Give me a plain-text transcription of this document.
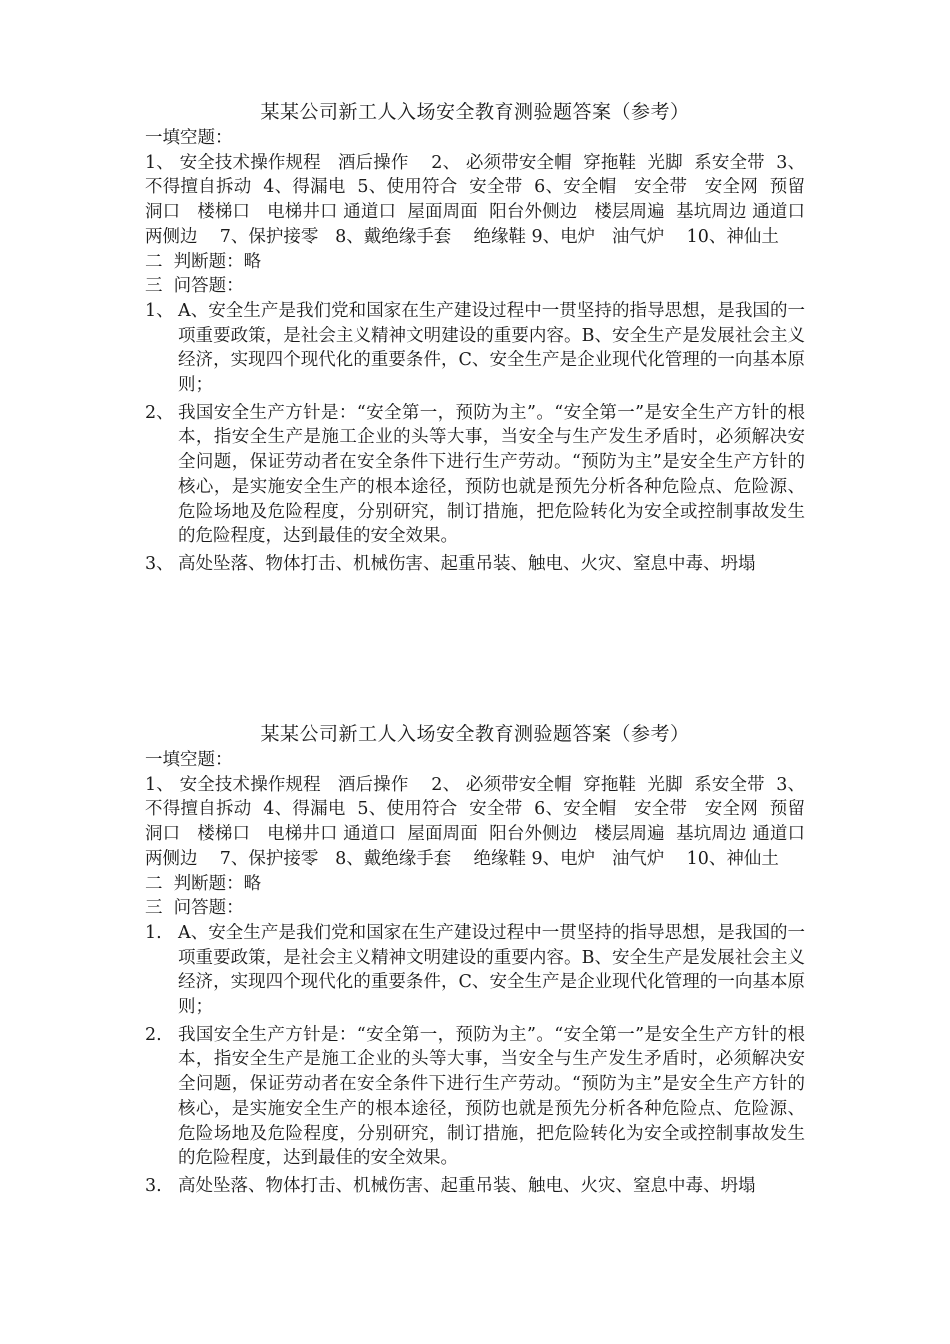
某某公司新工人入场安全教育测验题答案（参考）
一填空题：
1、 安全技术操作规程   酒后操作    2、 必须带安全帽  穿拖鞋  光脚  系安全带  3、不得擅自拆动  4、得漏电  5、使用符合  安全带  6、安全帽   安全带   安全网  预留洞口   楼梯口   电梯井口 通道口  屋面周面  阳台外侧边   楼层周遍  基坑周边 通道口两侧边    7、保护接零   8、戴绝缘手套    绝缘鞋 9、电炉   油气炉    10、神仙土
二  判断题：略
三  问答题：
1、 A、安全生产是我们党和国家在生产建设过程中一贯坚持的指导思想，是我国的一项重要政策，是社会主义精神文明建设的重要内容。B、安全生产是发展社会主义经济，实现四个现代化的重要条件，C、安全生产是企业现代化管理的一向基本原则；
2、 我国安全生产方针是：“安全第一，预防为主”。“安全第一”是安全生产方针的根本，指安全生产是施工企业的头等大事，当安全与生产发生矛盾时，必须解决安全问题，保证劳动者在安全条件下进行生产劳动。“预防为主”是安全生产方针的核心，是实施安全生产的根本途径，预防也就是预先分析各种危险点、危险源、危险场地及危险程度，分别研究，制订措施，把危险转化为安全或控制事故发生的危险程度，达到最佳的安全效果。
3、 高处坠落、物体打击、机械伤害、起重吊装、触电、火灾、窒息中毒、坍塌
某某公司新工人入场安全教育测验题答案（参考）
一填空题：
1、 安全技术操作规程   酒后操作    2、 必须带安全帽  穿拖鞋  光脚  系安全带  3、不得擅自拆动  4、得漏电  5、使用符合  安全带  6、安全帽   安全带   安全网  预留洞口   楼梯口   电梯井口 通道口  屋面周面  阳台外侧边   楼层周遍  基坑周边 通道口两侧边    7、保护接零   8、戴绝缘手套    绝缘鞋 9、电炉   油气炉    10、神仙土
二  判断题：略
三  问答题：
1. A、安全生产是我们党和国家在生产建设过程中一贯坚持的指导思想，是我国的一项重要政策，是社会主义精神文明建设的重要内容。B、安全生产是发展社会主义经济，实现四个现代化的重要条件，C、安全生产是企业现代化管理的一向基本原则；
2. 我国安全生产方针是：“安全第一，预防为主”。“安全第一”是安全生产方针的根本，指安全生产是施工企业的头等大事，当安全与生产发生矛盾时，必须解决安全问题，保证劳动者在安全条件下进行生产劳动。“预防为主”是安全生产方针的核心，是实施安全生产的根本途径，预防也就是预先分析各种危险点、危险源、危险场地及危险程度，分别研究，制订措施，把危险转化为安全或控制事故发生的危险程度，达到最佳的安全效果。
3. 高处坠落、物体打击、机械伤害、起重吊装、触电、火灾、窒息中毒、坍塌
